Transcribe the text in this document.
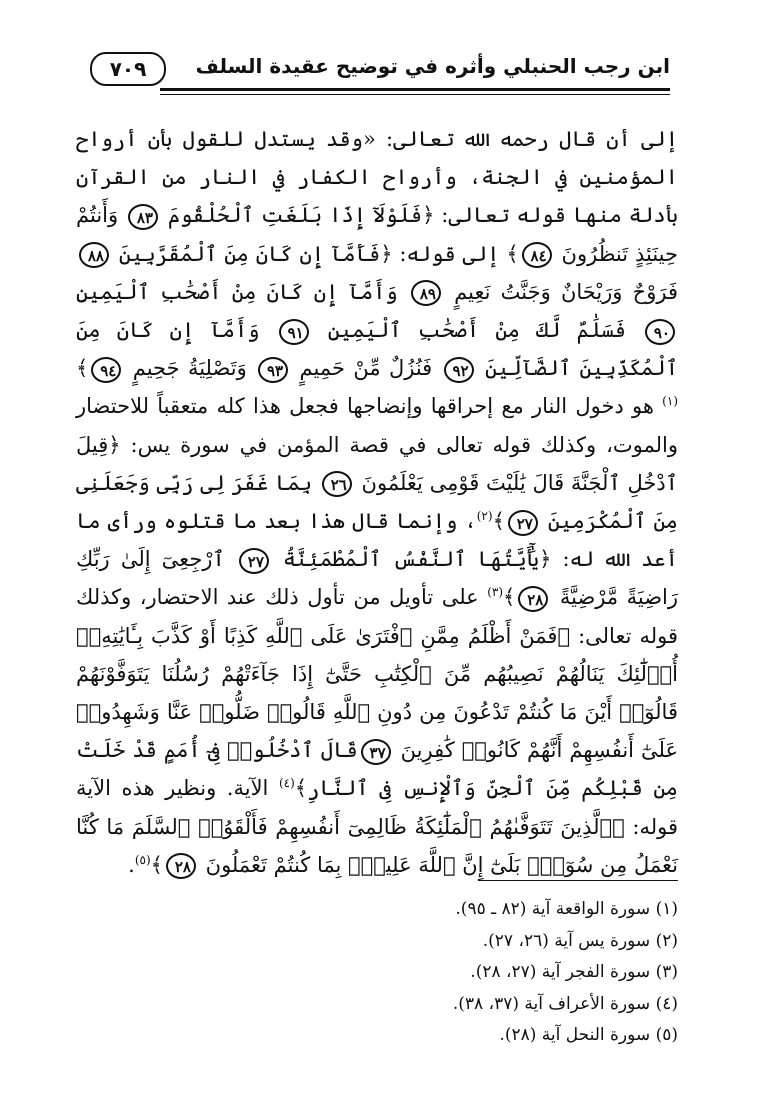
ابن رجب الحنبلي وأثره في توضيح عقيدة السلف
٧٠٩

إلى أن قال رحمه الله تعالى: «وقد يستدل للقول بأن أرواح المؤمنين في الجنة، وأرواح الكفار في النار من القرآن بأدلة منها قوله تعالى: ﴿فَلَوْلَآ إِذَا بَلَغَتِ ٱلْحُلْقُومَ ٨٣ وَأَنتُمْ حِينَئِذٍ تَنظُرُونَ ٨٤﴾ إلى قوله: ﴿فَأَمَّآ إِن كَانَ مِنَ ٱلْمُقَرَّبِينَ ٨٨ فَرَوْحٌ وَرَيْحَانٌ وَجَنَّتُ نَعِيمٍ ٨٩ وَأَمَّآ إِن كَانَ مِنْ أَصْحَٰبِ ٱلْيَمِينِ ٩٠ فَسَلَٰمٌ لَّكَ مِنْ أَصْحَٰبِ ٱلْيَمِينِ ٩١ وَأَمَّآ إِن كَانَ مِنَ ٱلْمُكَذِّبِينَ ٱلضَّآلِّينَ ٩٢ فَنُزُلٌ مِّنْ حَمِيمٍ ٩٣ وَتَصْلِيَةُ جَحِيمٍ ٩٤﴾$^{(١)}$ هو دخول النار مع إحراقها وإنضاجها فجعل هذا كله متعقباً للاحتضار والموت، وكذلك قوله تعالى في قصة المؤمن في سورة يس: ﴿قِيلَ ٱدْخُلِ ٱلْجَنَّةَ قَالَ يَٰلَيْتَ قَوْمِى يَعْلَمُونَ ٢٦ بِمَا غَفَرَ لِى رَبِّى وَجَعَلَنِى مِنَ ٱلْمُكْرَمِينَ ٢٧﴾$^{(٢)}$، وإنما قال هذا بعد ما قتلوه ورأى ما أعد الله له: ﴿يَٰٓأَيَّتُهَا ٱلنَّفْسُ ٱلْمُطْمَئِنَّةُ ٢٧ ٱرْجِعِىٓ إِلَىٰ رَبِّكِ رَاضِيَةً مَّرْضِيَّةً ٢٨﴾$^{(٣)}$ على تأويل من تأول ذلك عند الاحتضار، وكذلك قوله تعالى: ﴿فَمَنْ أَظْلَمُ مِمَّنِ ٱفْتَرَىٰ عَلَى ٱللَّهِ كَذِبًا أَوْ كَذَّبَ بِـَٔايَٰتِهِۦٓ أُو۟لَٰٓئِكَ يَنَالُهُمْ نَصِيبُهُم مِّنَ ٱلْكِتَٰبِ حَتَّىٰٓ إِذَا جَآءَتْهُمْ رُسُلُنَا يَتَوَفَّوْنَهُمْ قَالُوٓا۟ أَيْنَ مَا كُنتُمْ تَدْعُونَ مِن دُونِ ٱللَّهِ قَالُوا۟ ضَلُّوا۟ عَنَّا وَشَهِدُوا۟ عَلَىٰٓ أَنفُسِهِمْ أَنَّهُمْ كَانُوا۟ كَٰفِرِينَ ٣٧قَالَ ٱدْخُلُوا۟ فِىٓ أُمَمٍ قَدْ خَلَتْ مِن قَبْلِكُم مِّنَ ٱلْجِنِّ وَٱلْإِنسِ فِى ٱلنَّارِ﴾$^{(٤)}$ الآية. ونظير هذه الآية قوله: ﴿ٱلَّذِينَ تَتَوَفَّىٰهُمُ ٱلْمَلَٰٓئِكَةُ ظَالِمِىٓ أَنفُسِهِمْ فَأَلْقَوُا۟ ٱلسَّلَمَ مَا كُنَّا نَعْمَلُ مِن سُوٓءٍۭ بَلَىٰٓ إِنَّ ٱللَّهَ عَلِيمٌۢ بِمَا كُنتُمْ تَعْمَلُونَ ٢٨﴾$^{(٥)}$.

(١) سورة الواقعة آية (٨٢ ـ ٩٥).
(٢) سورة يس آية (٢٦، ٢٧).
(٣) سورة الفجر آية (٢٧، ٢٨).
(٤) سورة الأعراف آية (٣٧، ٣٨).
(٥) سورة النحل آية (٢٨).
